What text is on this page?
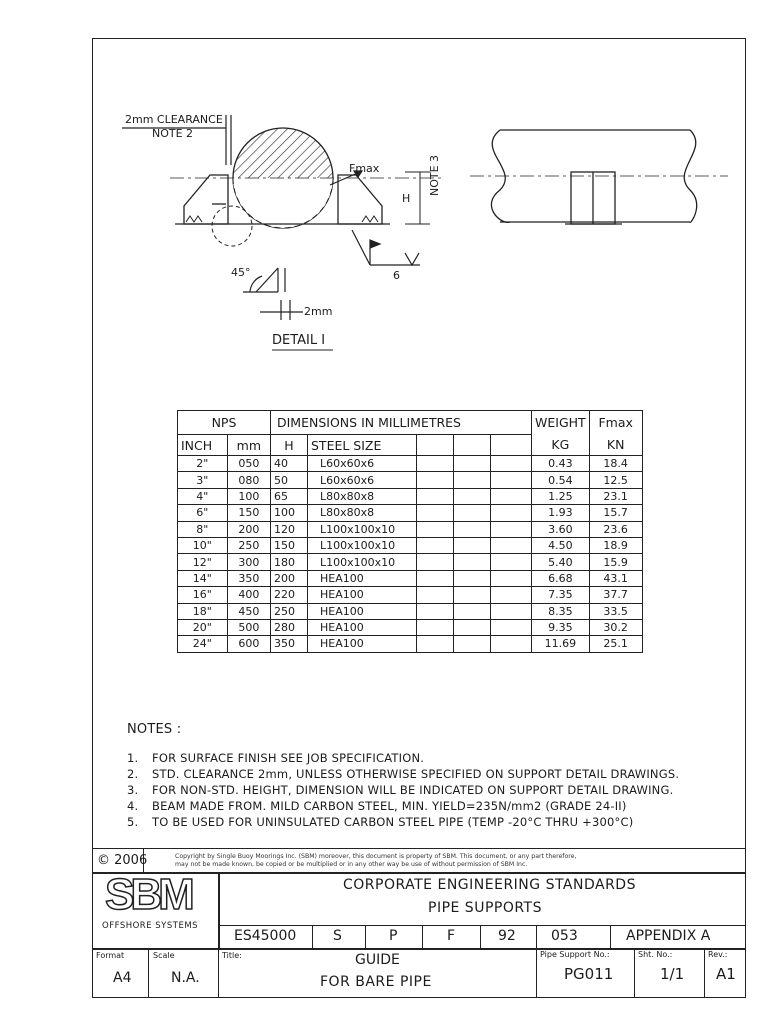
2mm CLEARANCE
NOTE 2
Fmax
H
NOTE 3
45°
2mm
6
DETAIL I
NPS		DIMENSIONS IN MILLIMETRES					WEIGHT	Fmax
INCH	mm	H	STEEL SIZE				KG	KN
2"	050	40	L60x60x6				0.43	18.4
3"	080	50	L60x60x6				0.54	12.5
4"	100	65	L80x80x8				1.25	23.1
6"	150	100	L80x80x8				1.93	15.7
8"	200	120	L100x100x10				3.60	23.6
10"	250	150	L100x100x10				4.50	18.9
12"	300	180	L100x100x10				5.40	15.9
14"	350	200	HEA100				6.68	43.1
16"	400	220	HEA100				7.35	37.7
18"	450	250	HEA100				8.35	33.5
20"	500	280	HEA100				9.35	30.2
24"	600	350	HEA100				11.69	25.1
NOTES :
1. FOR SURFACE FINISH SEE JOB SPECIFICATION.
2. STD. CLEARANCE 2mm, UNLESS OTHERWISE SPECIFIED ON SUPPORT DETAIL DRAWINGS.
3. FOR NON-STD. HEIGHT, DIMENSION WILL BE INDICATED ON SUPPORT DETAIL DRAWING.
4. BEAM MADE FROM. MILD CARBON STEEL, MIN. YIELD=235N/mm2 (GRADE 24-II)
5. TO BE USED FOR UNINSULATED CARBON STEEL PIPE (TEMP -20°C THRU +300°C)
© 2006	Copyright by Single Buoy Moorings Inc. (SBM) moreover, this document is property of SBM. This document, or any part therefore,
may not be made known, be copied or be multiplied or in any other way be use of without permission of SBM Inc.
SBM
OFFSHORE SYSTEMS
CORPORATE ENGINEERING STANDARDS
PIPE SUPPORTS
ES45000	S	P	F	92	053	APPENDIX A
Format
A4
Scale
N.A.
Title:	GUIDE
FOR BARE PIPE
Pipe Support No.:
PG011
Sht. No.:
1/1
Rev.:
A1
